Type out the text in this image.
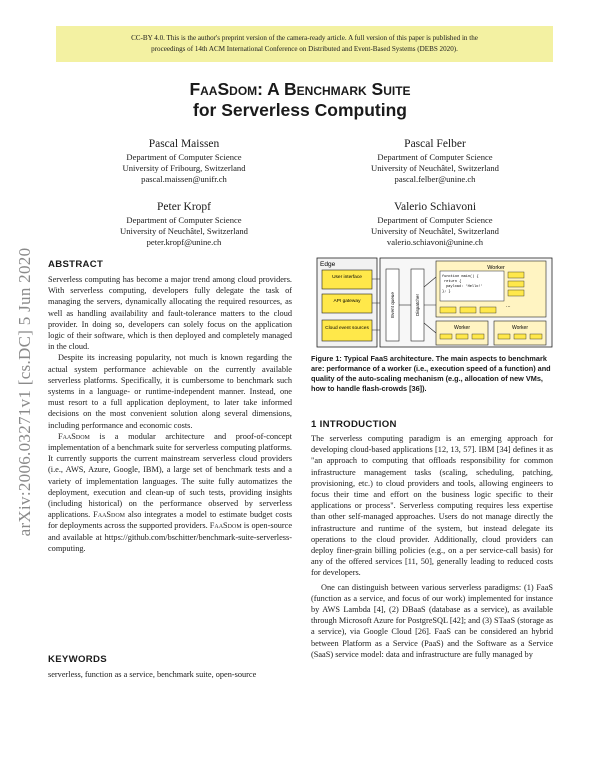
CC-BY 4.0. This is the author's preprint version of the camera-ready article. A full version of this paper is published in the
proceedings of 14th ACM International Conference on Distributed and Event-Based Systems (DEBS 2020).
FaaSdom: A Benchmark Suite
for Serverless Computing
Pascal Maissen
Department of Computer Science
University of Fribourg, Switzerland
pascal.maissen@unifr.ch
Pascal Felber
Department of Computer Science
University of Neuchâtel, Switzerland
pascal.felber@unine.ch
Peter Kropf
Department of Computer Science
University of Neuchâtel, Switzerland
peter.kropf@unine.ch
Valerio Schiavoni
Department of Computer Science
University of Neuchâtel, Switzerland
valerio.schiavoni@unine.ch
arXiv:2006.03271v1 [cs.DC] 5 Jun 2020 ABSTRACT

Serverless computing has become a major trend among cloud providers. With serverless computing, developers fully delegate the task of managing the servers, dynamically allocating the required resources, as well as handling availability and fault-tolerance matters to the cloud provider. In doing so, developers can solely focus on the application logic of their software, which is then deployed and completely managed in the cloud.

Despite its increasing popularity, not much is known regarding the actual system performance achievable on the currently available serverless platforms. Specifically, it is cumbersome to benchmark such systems in a language- or runtime-independent manner. Instead, one must resort to a full application deployment, to later take informed decisions on the most convenient solution along several dimensions, including performance and economic costs.

FaaSdom is a modular architecture and proof-of-concept implementation of a benchmark suite for serverless computing platforms. It currently supports the current mainstream serverless cloud providers (i.e., AWS, Azure, Google, IBM), a large set of benchmark tests and a variety of implementation languages. The suite fully automatizes the deployment, execution and clean-up of such tests, providing insights (including historical) on the performance observed by serverless applications. FaaSdom also integrates a model to estimate budget costs for deployments across the supported providers. FaaSdom is open-source and available at https://github.com/bschitter/benchmark-suite-serverless-computing.

KEYWORDS
serverless, function as a service, benchmark suite, open-source
Edge
User interface
API gateway
Cloud event sources
Event queue	Dispatcher
Worker
function main() {
return {
payload: 'Hello!'
}; }
...
Worker	Worker
Figure 1: Typical FaaS architecture. The main aspects to benchmark are: performance of a worker (i.e., execution speed of a function) and quality of the auto-scaling mechanism (e.g., allocation of new VMs, how to handle flash-crowds [36]).
1 INTRODUCTION

The serverless computing paradigm is an emerging approach for developing cloud-based applications [12, 13, 57]. IBM [34] defines it as "an approach to computing that offloads responsibility for common infrastructure management tasks (scaling, scheduling, patching, provisioning, etc.) to cloud providers and tools, allowing engineers to focus their time and effort on the business logic specific to their applications or process". Serverless computing requires less expertise than other self-managed approaches. Users do not manage directly the infrastructure and runtime of the system, but instead delegate its operations to the cloud provider. Additionally, cloud providers can deploy finer-grain billing policies (e.g., on a per service-call basis) for any of the offered services [11, 50], generally leading to reduced costs for developers.

One can distinguish between various serverless paradigms: (1) FaaS (function as a service, and focus of our work) implemented for instance by AWS Lambda [4], (2) DBaaS (database as a service), as available through Microsoft Azure for PostgreSQL [42]; and (3) STaaS (storage as a service), via Google Cloud [26]. FaaS can be considered an hybrid between Platform as a Service (PaaS) and the Software as a Service (SaaS) service model: data and infrastructure are fully managed by
